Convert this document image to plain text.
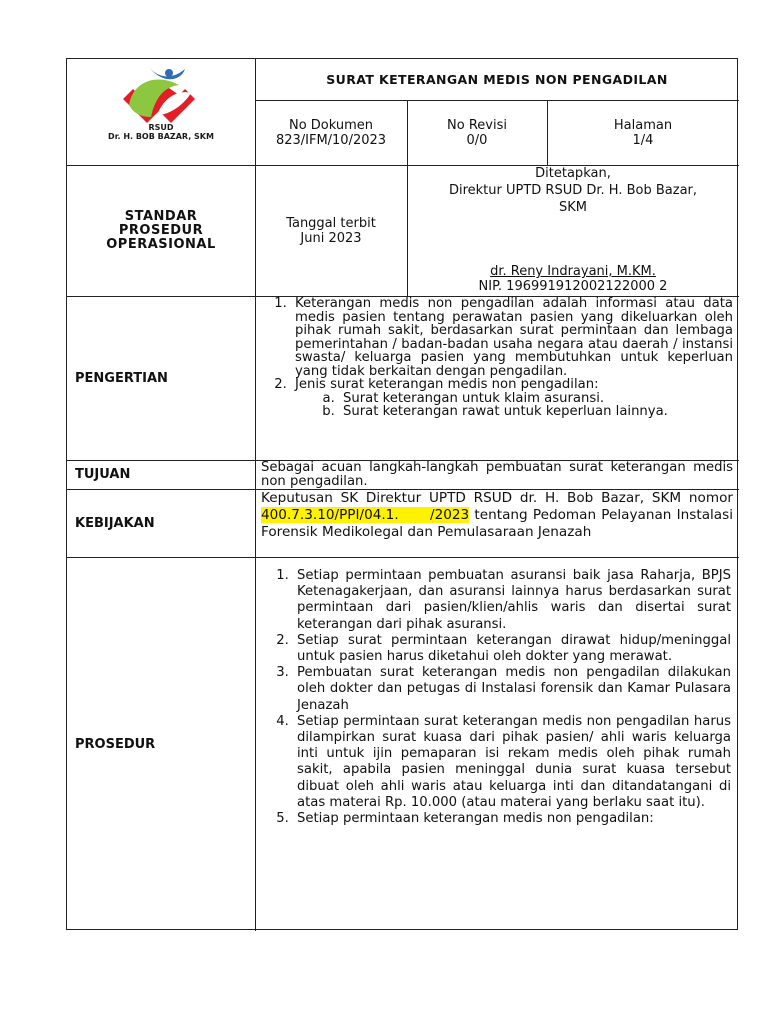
RSUD
Dr. H. BOB BAZAR, SKM
SURAT KETERANGAN MEDIS NON PENGADILAN
No Dokumen
823/IFM/10/2023
No Revisi
0/0
Halaman
1/4
STANDAR
PROSEDUR
OPERASIONAL
Tanggal terbit
Juni 2023
Ditetapkan,
Direktur UPTD RSUD Dr. H. Bob Bazar,
SKM
dr. Reny Indrayani, M.KM.
NIP. 196991912002122000 2
PENGERTIAN
1. Keterangan medis non pengadilan adalah informasi atau data medis pasien tentang perawatan pasien yang dikeluarkan oleh pihak rumah sakit, berdasarkan surat permintaan dan lembaga pemerintahan / badan-badan usaha negara atau daerah / instansi swasta/ keluarga pasien yang membutuhkan untuk keperluan yang tidak berkaitan dengan pengadilan.
2. Jenis surat keterangan medis non pengadilan:
a. Surat keterangan untuk klaim asuransi.
b. Surat keterangan rawat untuk keperluan lainnya.
TUJUAN	Sebagai acuan langkah-langkah pembuatan surat keterangan medis non pengadilan.
KEBIJAKAN
Keputusan SK Direktur UPTD RSUD dr. H. Bob Bazar, SKM nomor 400.7.3.10/PPI/04.1.      /2023 tentang Pedoman Pelayanan Instalasi Forensik Medikolegal dan Pemulasaraan Jenazah
PROSEDUR
1. Setiap permintaan pembuatan asuransi baik jasa Raharja, BPJS Ketenagakerjaan, dan asuransi lainnya harus berdasarkan surat permintaan dari pasien/klien/ahlis waris dan disertai surat keterangan dari pihak asuransi.
2. Setiap surat permintaan keterangan dirawat hidup/meninggal untuk pasien harus diketahui oleh dokter yang merawat.
3. Pembuatan surat keterangan medis non pengadilan dilakukan oleh dokter dan petugas di Instalasi forensik dan Kamar Pulasara Jenazah
4. Setiap permintaan surat keterangan medis non pengadilan harus dilampirkan surat kuasa dari pihak pasien/ ahli waris keluarga inti untuk ijin pemaparan isi rekam medis oleh pihak rumah sakit, apabila pasien meninggal dunia surat kuasa tersebut dibuat oleh ahli waris atau keluarga inti dan ditandatangani di atas materai Rp. 10.000 (atau materai yang berlaku saat itu).
5. Setiap permintaan keterangan medis non pengadilan:
